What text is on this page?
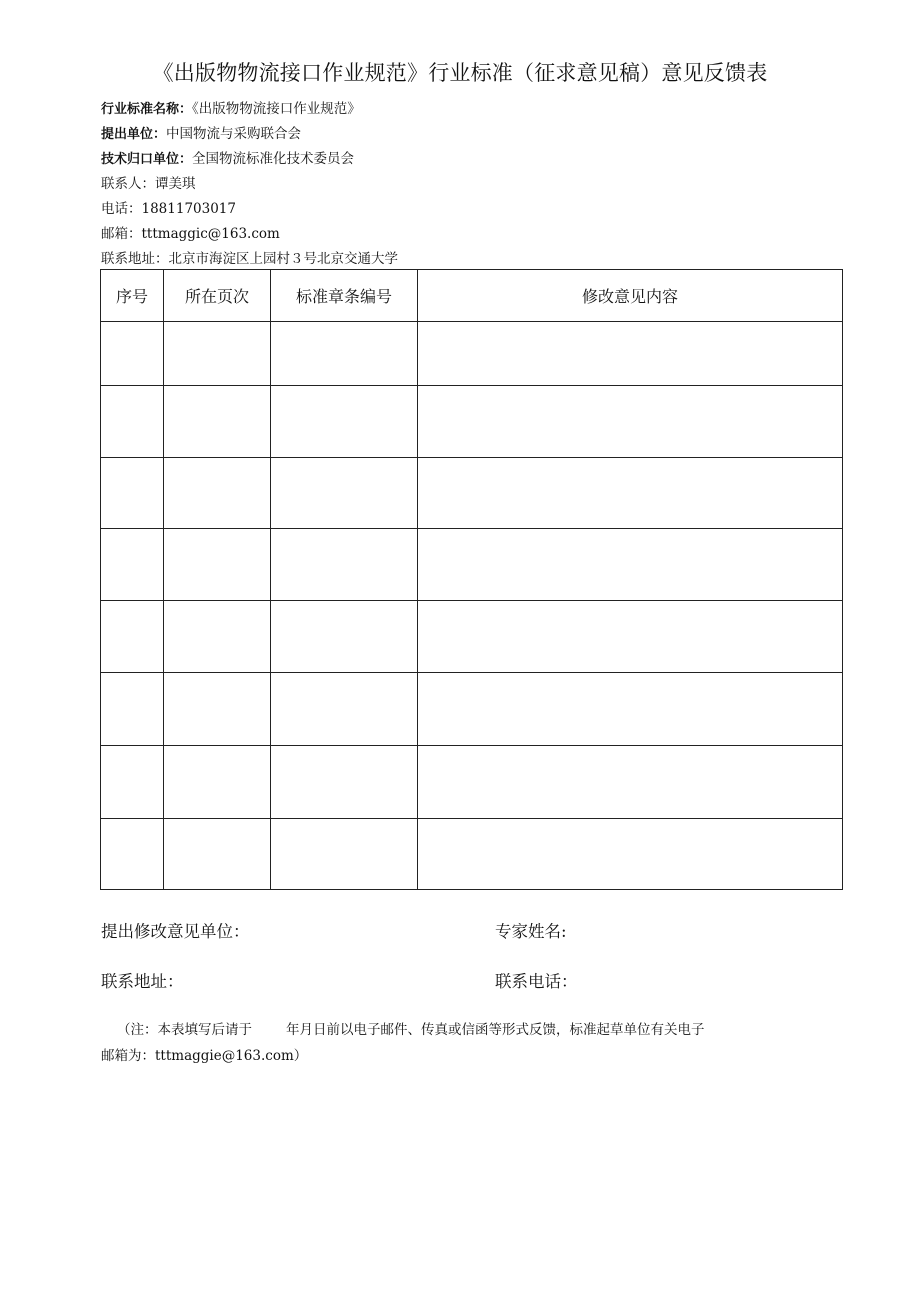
《出版物物流接口作业规范》行业标准（征求意见稿）意见反馈表
行业标准名称：《出版物物流接口作业规范》
提出单位：中国物流与采购联合会
技术归口单位：全国物流标准化技术委员会
联系人：谭美琪
电话：18811703017
邮箱：tttmaggic@163.com
联系地址：北京市海淀区上园村３号北京交通大学
序号	所在页次	标准章条编号	修改意见内容

提出修改意见单位：	专家姓名:
联系地址：	联系电话：
（注：本表填写后请于	年月日前以电子邮件、传真或信函等形式反馈，标准起草单位有关电子
邮箱为：tttmaggie@163.com）
